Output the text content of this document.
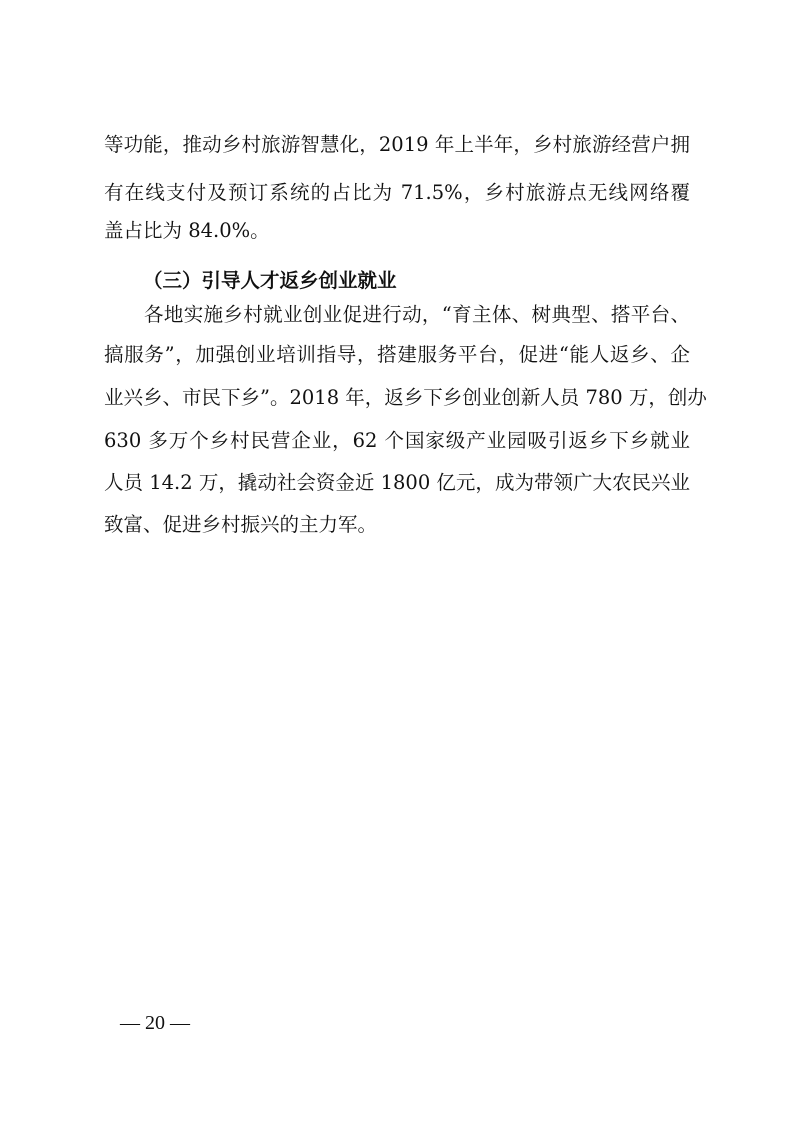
等功能，推动乡村旅游智慧化，2019 年上半年，乡村旅游经营户拥
有在线支付及预订系统的占比为 71.5%，乡村旅游点无线网络覆
盖占比为 84.0%。
（三）引导人才返乡创业就业
各地实施乡村就业创业促进行动，“育主体、树典型、搭平台、
搞服务”，加强创业培训指导，搭建服务平台，促进“能人返乡、企
业兴乡、市民下乡”。2018 年，返乡下乡创业创新人员 780 万，创办
630 多万个乡村民营企业，62 个国家级产业园吸引返乡下乡就业
人员 14.2 万，撬动社会资金近 1800 亿元，成为带领广大农民兴业
致富、促进乡村振兴的主力军。
— 20 —
